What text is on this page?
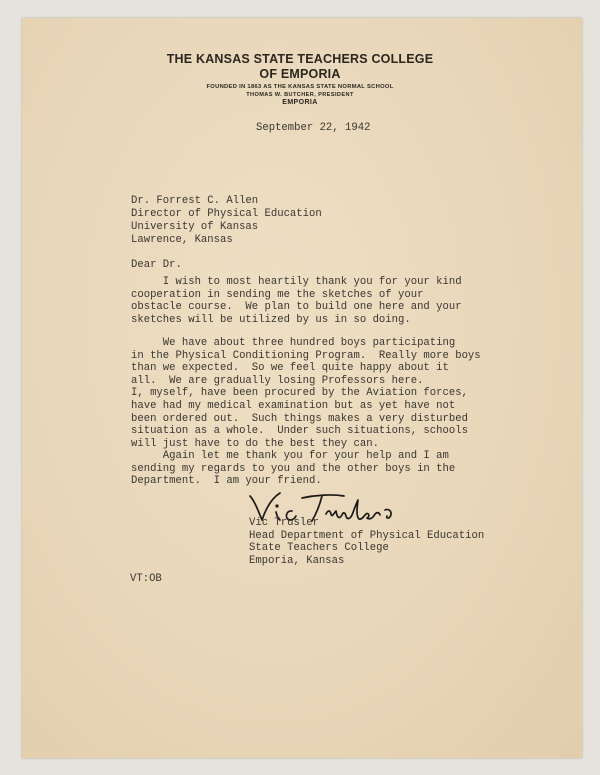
THE KANSAS STATE TEACHERS COLLEGE
OF EMPORIA
FOUNDED IN 1863 AS THE KANSAS STATE NORMAL SCHOOL
THOMAS W. BUTCHER, PRESIDENT
EMPORIA
September 22, 1942
Dr. Forrest C. Allen
Director of Physical Education
University of Kansas
Lawrence, Kansas
Dear Dr.
I wish to most heartily thank you for your kind
cooperation in sending me the sketches of your
obstacle course.  We plan to build one here and your
sketches will be utilized by us in so doing.
We have about three hundred boys participating
in the Physical Conditioning Program.  Really more boys
than we expected.  So we feel quite happy about it
all.  We are gradually losing Professors here.
I, myself, have been procured by the Aviation forces,
have had my medical examination but as yet have not
been ordered out.  Such things makes a very disturbed
situation as a whole.  Under such situations, schools
will just have to do the best they can.
Again let me thank you for your help and I am
sending my regards to you and the other boys in the
Department.  I am your friend.
Vic Trusler
Head Department of Physical Education
State Teachers College
Emporia, Kansas
VT:OB
